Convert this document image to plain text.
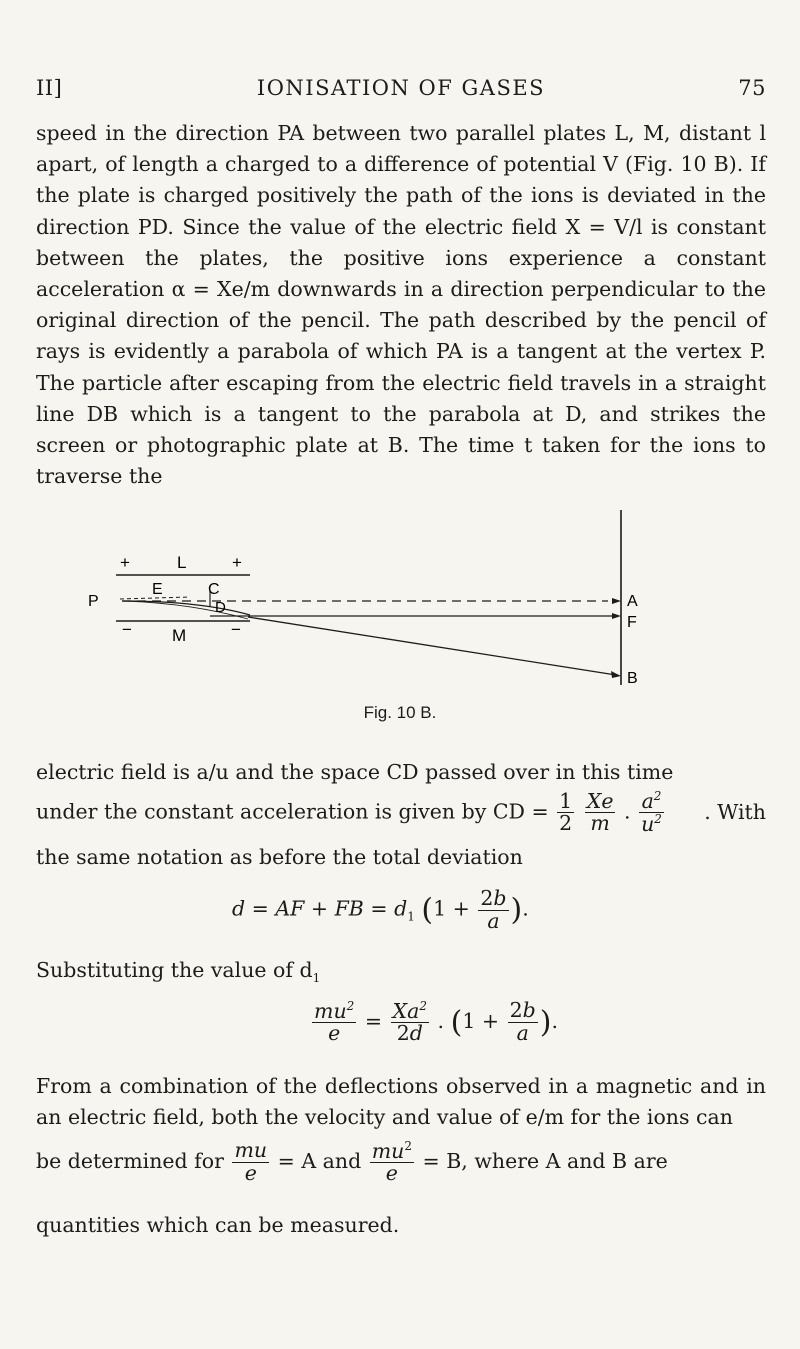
II]	IONISATION OF GASES	75

speed in the direction PA between two parallel plates L, M, distant l apart, of length a charged to a difference of potential V (Fig. 10 B). If the plate is charged positively the path of the ions is deviated in the direction PD. Since the value of the electric field X = V/l is constant between the plates, the positive ions experience a constant acceleration α = Xe/m downwards in a direction perpendicular to the original direction of the pencil. The path described by the pencil of rays is evidently a parabola of which PA is a tangent at the vertex P. The particle after escaping from the electric field travels in a straight line DB which is a tangent to the parabola at D, and strikes the screen or photographic plate at B. The time t taken for the ions to traverse the

+	L	+
P
E	C
D
− M	−
A
F
B
Fig. 10 B.

electric field is a/u and the space CD passed over in this time

under the constant acceleration is given by CD = $\frac{1}{2}$
$\frac{Xe}{m}$ . $\frac{a^2}{u^2}$ . With

the same notation as before the total deviation

d = AF + FB = $d_1$ ($1 + \frac{2b}{a}$ ).

Substituting the value of $d_1$

$\frac{mu^2}{e} = \frac{Xa^2}{2d}$ . ($1 + \frac{2b}{a}$ ).

From a combination of the deflections observed in a magnetic and in an electric field, both the velocity and value of e/m for the ions can

be determined for $\frac{mu}{e} = A$ and $\frac{mu^2}{e} = B$, where A and B are

quantities which can be measured.
